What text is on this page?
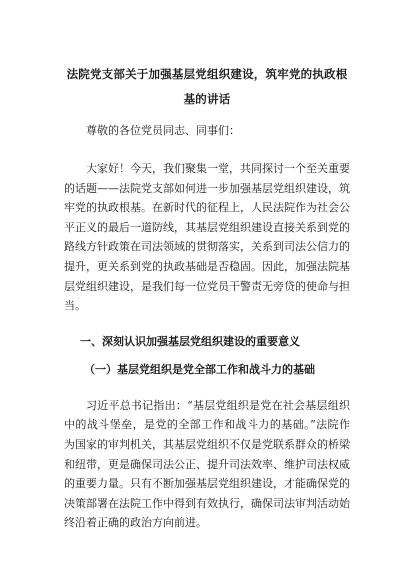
法院党支部关于加强基层党组织建设，筑牢党的执政根基的讲话

尊敬的各位党员同志、同事们：

大家好！今天，我们聚集一堂，共同探讨一个至关重要的话题——法院党支部如何进一步加强基层党组织建设，筑牢党的执政根基。在新时代的征程上，人民法院作为社会公平正义的最后一道防线，其基层党组织建设直接关系到党的路线方针政策在司法领域的贯彻落实，关系到司法公信力的提升，更关系到党的执政基础是否稳固。因此，加强法院基层党组织建设，是我们每一位党员干警责无旁贷的使命与担当。

一、深刻认识加强基层党组织建设的重要意义

（一）基层党组织是党全部工作和战斗力的基础

习近平总书记指出：“基层党组织是党在社会基层组织中的战斗堡垒，是党的全部工作和战斗力的基础。”法院作为国家的审判机关，其基层党组织不仅是党联系群众的桥梁和纽带，更是确保司法公正、提升司法效率、维护司法权威的重要力量。只有不断加强基层党组织建设，才能确保党的决策部署在法院工作中得到有效执行，确保司法审判活动始终沿着正确的政治方向前进。
